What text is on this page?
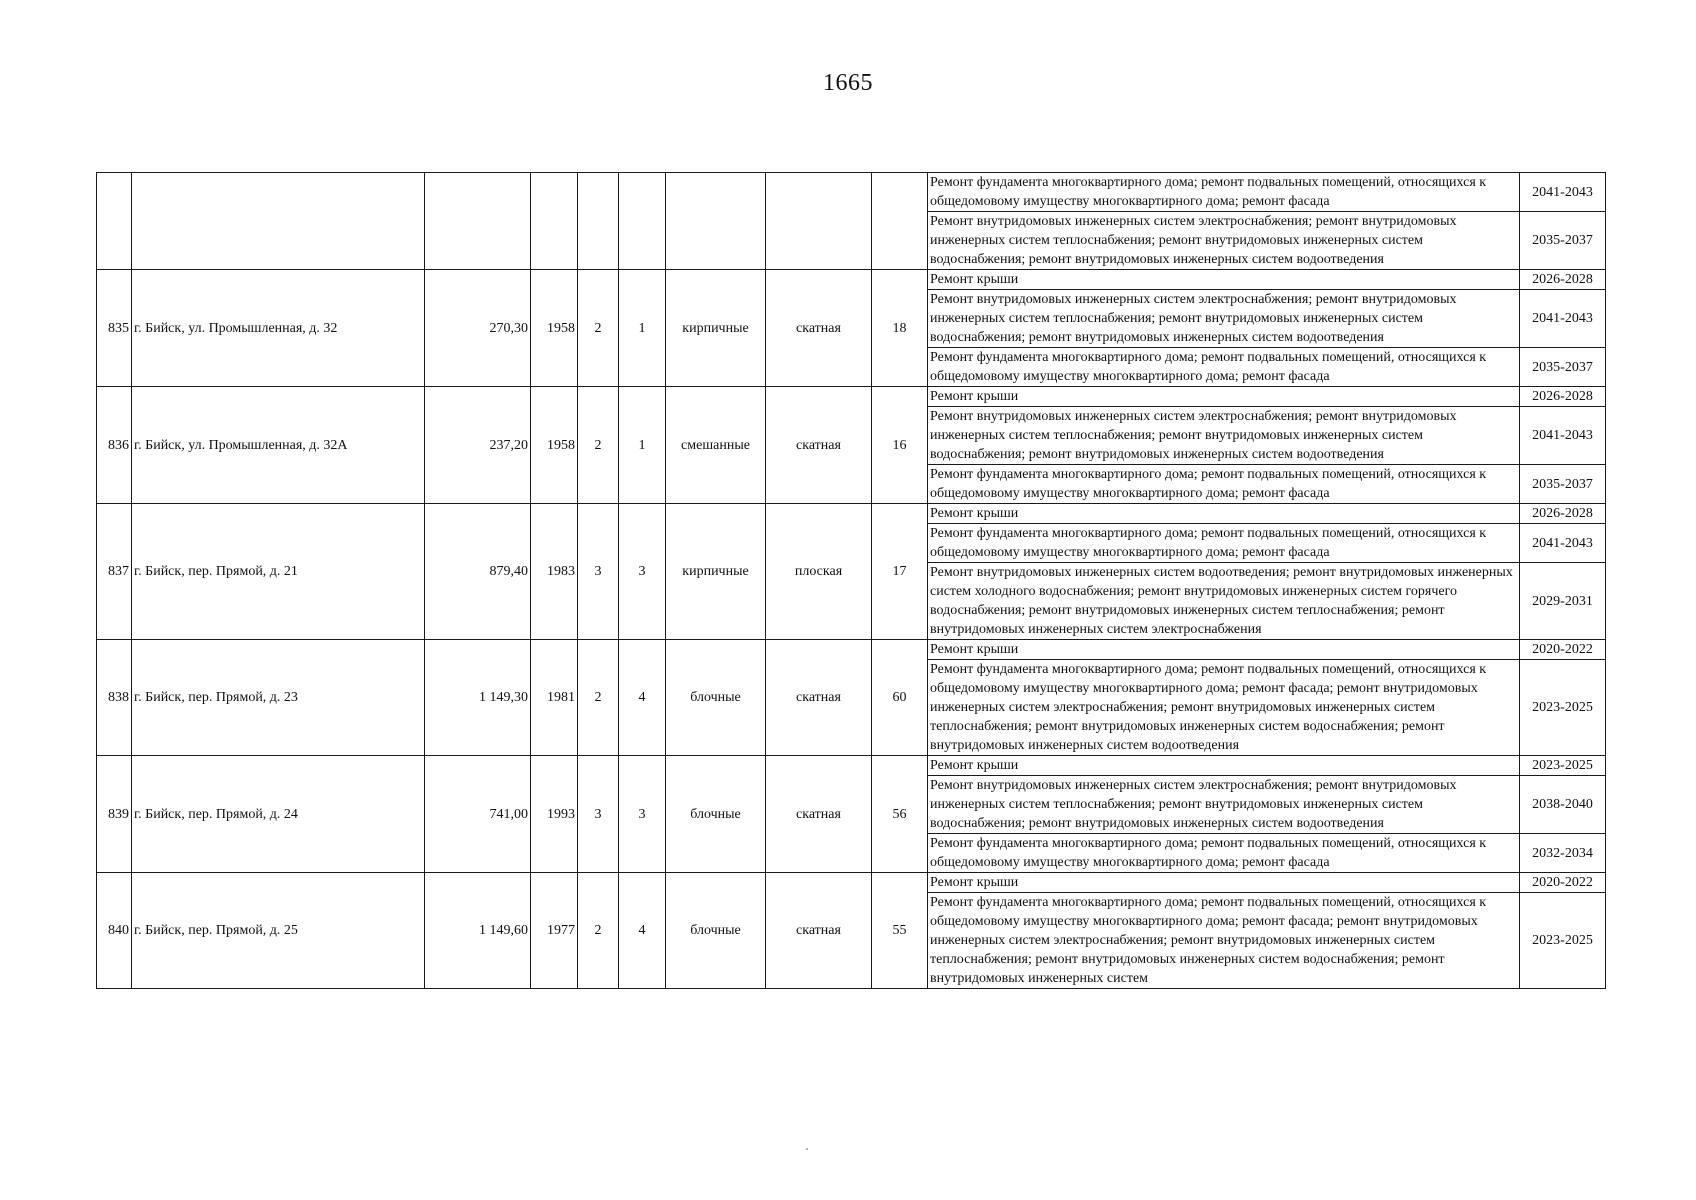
1665
									Ремонт фундамента многоквартирного дома; ремонт подвальных помещений, относящихся к общедомовому имуществу многоквартирного дома; ремонт фасада	2041-2043
									Ремонт внутридомовых инженерных систем электроснабжения; ремонт внутридомовых инженерных систем теплоснабжения; ремонт внутридомовых инженерных систем водоснабжения; ремонт внутридомовых инженерных систем водоотведения	2035-2037
835	г. Бийск, ул. Промышленная, д. 32	270,30	1958	2	1	кирпичные	скатная	18	Ремонт крыши	2026-2028
									Ремонт внутридомовых инженерных систем электроснабжения; ремонт внутридомовых инженерных систем теплоснабжения; ремонт внутридомовых инженерных систем водоснабжения; ремонт внутридомовых инженерных систем водоотведения	2041-2043
									Ремонт фундамента многоквартирного дома; ремонт подвальных помещений, относящихся к общедомовому имуществу многоквартирного дома; ремонт фасада	2035-2037
836	г. Бийск, ул. Промышленная, д. 32А	237,20	1958	2	1	смешанные	скатная	16	Ремонт крыши	2026-2028
									Ремонт внутридомовых инженерных систем электроснабжения; ремонт внутридомовых инженерных систем теплоснабжения; ремонт внутридомовых инженерных систем водоснабжения; ремонт внутридомовых инженерных систем водоотведения	2041-2043
									Ремонт фундамента многоквартирного дома; ремонт подвальных помещений, относящихся к общедомовому имуществу многоквартирного дома; ремонт фасада	2035-2037
837	г. Бийск, пер. Прямой, д. 21	879,40	1983	3	3	кирпичные	плоская	17	Ремонт крыши	2026-2028
									Ремонт фундамента многоквартирного дома; ремонт подвальных помещений, относящихся к общедомовому имуществу многоквартирного дома; ремонт фасада	2041-2043
									Ремонт внутридомовых инженерных систем водоотведения; ремонт внутридомовых инженерных систем холодного водоснабжения; ремонт внутридомовых инженерных систем горячего водоснабжения; ремонт внутридомовых инженерных систем теплоснабжения; ремонт внутридомовых инженерных систем электроснабжения	2029-2031
838	г. Бийск, пер. Прямой, д. 23	1 149,30	1981	2	4	блочные	скатная	60	Ремонт крыши	2020-2022
									Ремонт фундамента многоквартирного дома; ремонт подвальных помещений, относящихся к общедомовому имуществу многоквартирного дома; ремонт фасада; ремонт внутридомовых инженерных систем электроснабжения; ремонт внутридомовых инженерных систем теплоснабжения; ремонт внутридомовых инженерных систем водоснабжения; ремонт внутридомовых инженерных систем водоотведения	2023-2025
839	г. Бийск, пер. Прямой, д. 24	741,00	1993	3	3	блочные	скатная	56	Ремонт крыши	2023-2025
									Ремонт внутридомовых инженерных систем электроснабжения; ремонт внутридомовых инженерных систем теплоснабжения; ремонт внутридомовых инженерных систем водоснабжения; ремонт внутридомовых инженерных систем водоотведения	2038-2040
									Ремонт фундамента многоквартирного дома; ремонт подвальных помещений, относящихся к общедомовому имуществу многоквартирного дома; ремонт фасада	2032-2034
840	г. Бийск, пер. Прямой, д. 25	1 149,60	1977	2	4	блочные	скатная	55	Ремонт крыши	2020-2022
									Ремонт фундамента многоквартирного дома; ремонт подвальных помещений, относящихся к общедомовому имуществу многоквартирного дома; ремонт фасада; ремонт внутридомовых инженерных систем электроснабжения; ремонт внутридомовых инженерных систем теплоснабжения; ремонт внутридомовых инженерных систем водоснабжения; ремонт внутридомовых инженерных систем	2023-2025
